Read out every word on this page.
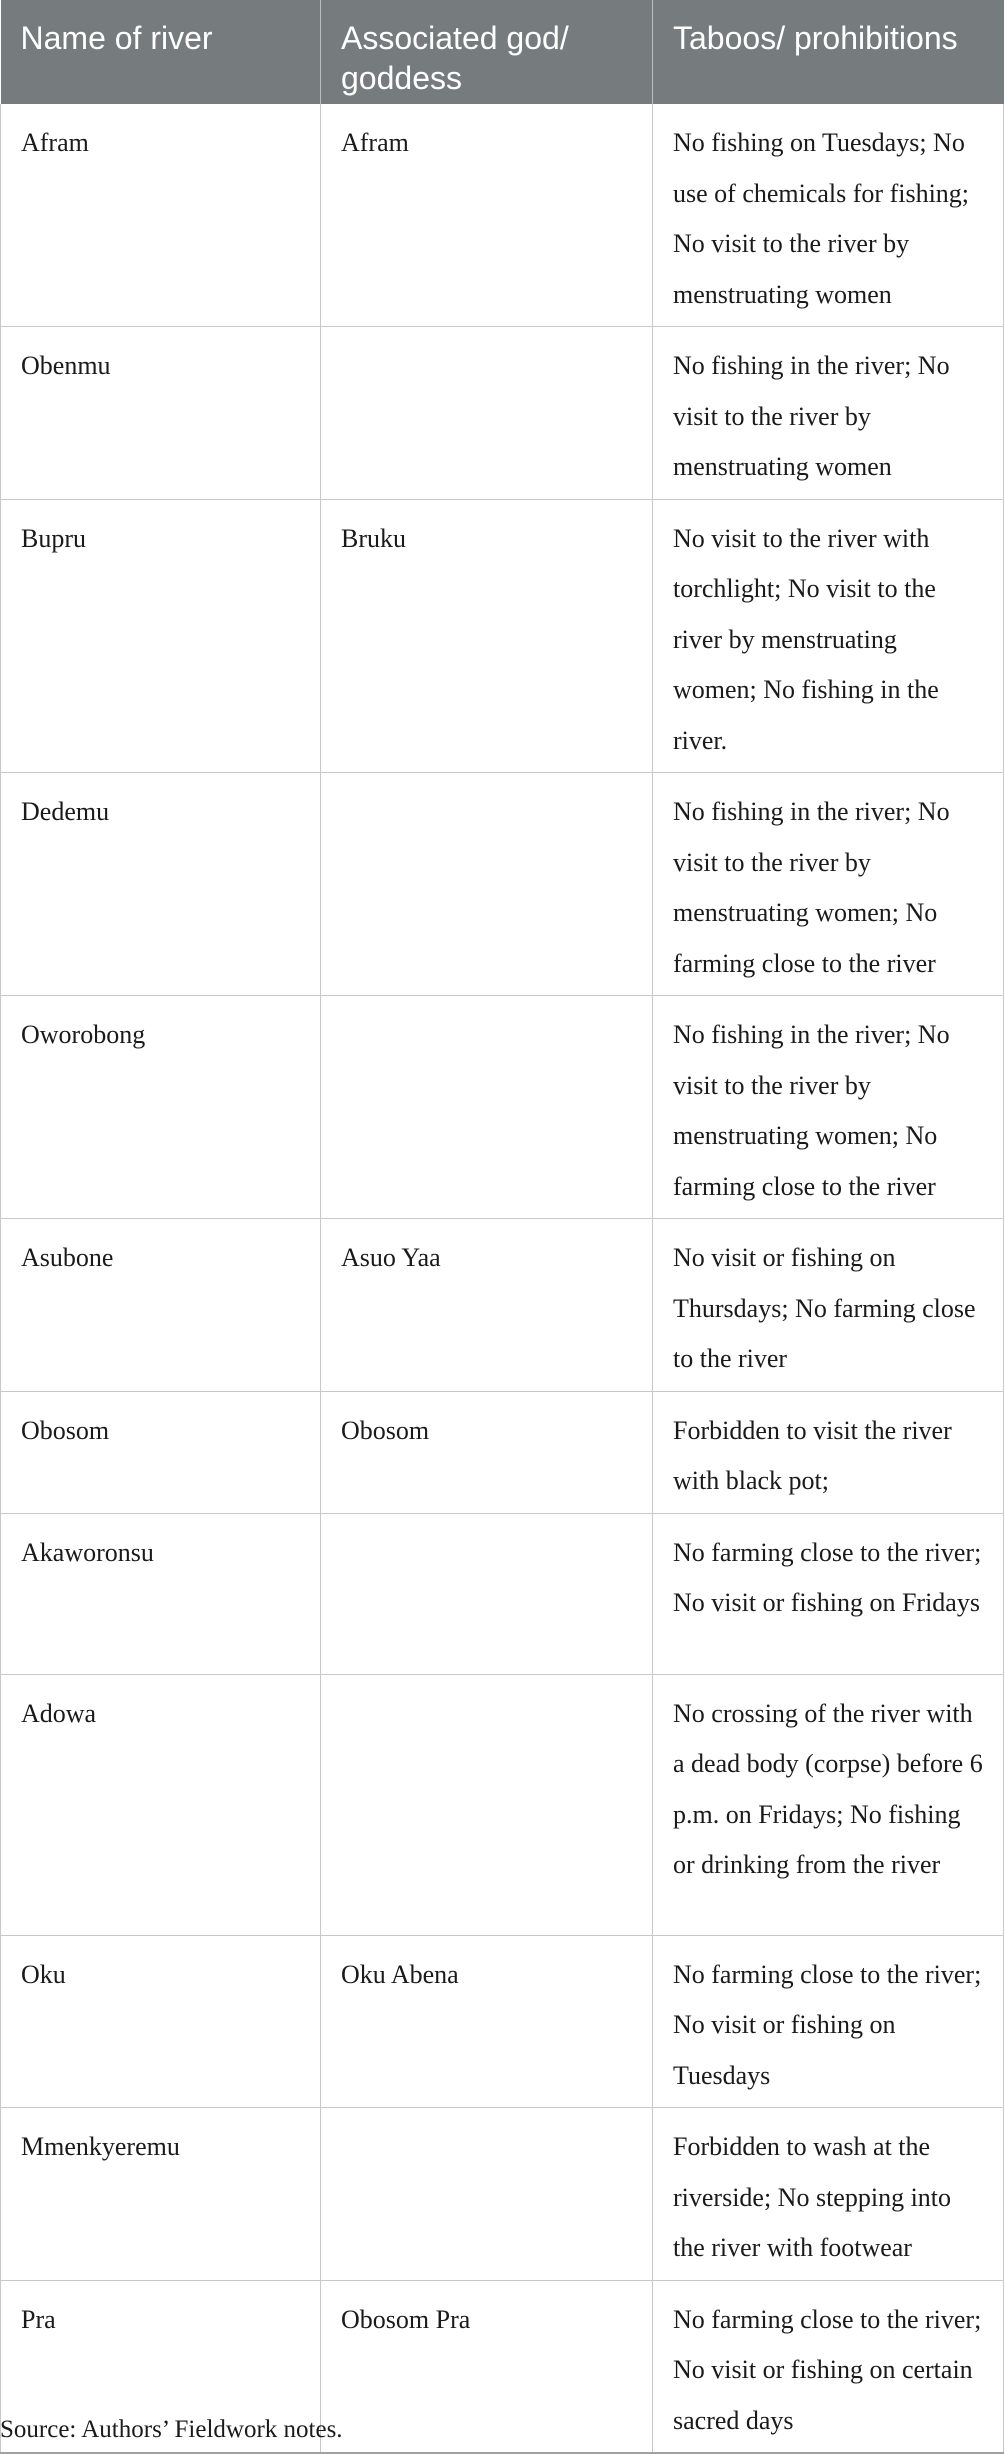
Name of river	Associated god/ goddess	Taboos/ prohibitions
Afram	Afram	No fishing on Tuesdays; No use of chemicals for fishing; No visit to the river by menstruating women
Obenmu		No fishing in the river; No visit to the river by menstruating women
Bupru	Bruku	No visit to the river with torchlight; No visit to the river by menstruating women; No fishing in the river.
Dedemu		No fishing in the river; No visit to the river by menstruating women; No farming close to the river
Oworobong		No fishing in the river; No visit to the river by menstruating women; No farming close to the river
Asubone	Asuo Yaa	No visit or fishing on Thursdays; No farming close to the river
Obosom	Obosom	Forbidden to visit the river with black pot;
Akaworonsu		No farming close to the river; No visit or fishing on Fridays
Adowa		No crossing of the river with a dead body (corpse) before 6 p.m. on Fridays; No fishing or drinking from the river
Oku	Oku Abena	No farming close to the river; No visit or fishing on Tuesdays
Mmenkyeremu		Forbidden to wash at the riverside; No stepping into the river with footwear
Pra	Obosom Pra	No farming close to the river; No visit or fishing on certain sacred days
Source: Authors’ Fieldwork notes.
